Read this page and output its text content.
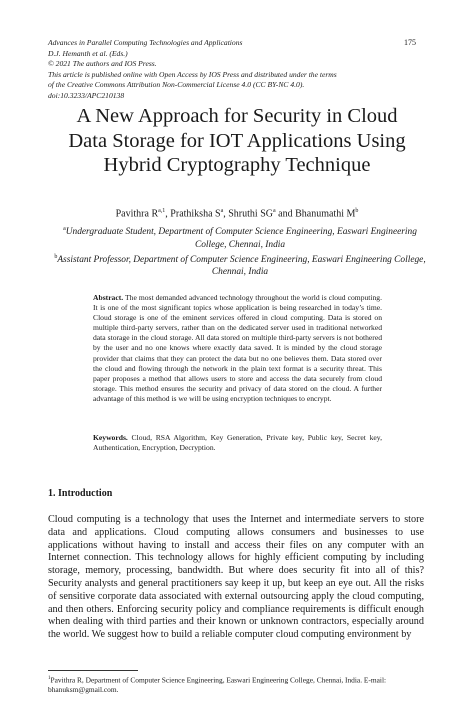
Advances in Parallel Computing Technologies and Applications
D.J. Hemanth et al. (Eds.)
© 2021 The authors and IOS Press.
This article is published online with Open Access by IOS Press and distributed under the terms
of the Creative Commons Attribution Non-Commercial License 4.0 (CC BY-NC 4.0).
doi:10.3233/APC210138
175
A New Approach for Security in Cloud
Data Storage for IOT Applications Using
Hybrid Cryptography Technique
Pavithra R$^{a,1}$, Prathiksha $S^a$, Shruthi $SG^a$ and Bhanumathi $M^b$
$^a$Undergraduate Student, Department of Computer Science Engineering, Easwari Engineering College, Chennai, India
$^b$Assistant Professor, Department of Computer Science Engineering, Easwari Engineering College, Chennai, India
Abstract. The most demanded advanced technology throughout the world is cloud computing. It is one of the most significant topics whose application is being researched in today’s time. Cloud storage is one of the eminent services offered in cloud computing. Data is stored on multiple third-party servers, rather than on the dedicated server used in traditional networked data storage in the cloud storage. All data stored on multiple third-party servers is not bothered by the user and no one knows where exactly data saved. It is minded by the cloud storage provider that claims that they can protect the data but no one believes them. Data stored over the cloud and flowing through the network in the plain text format is a security threat. This paper proposes a method that allows users to store and access the data securely from cloud storage. This method ensures the security and privacy of data stored on the cloud. A further advantage of this method is we will be using encryption techniques to encrypt.
Keywords. Cloud, RSA Algorithm, Key Generation, Private key, Public key, Secret key, Authentication, Encryption, Decryption.
1. Introduction
Cloud computing is a technology that uses the Internet and intermediate servers to store data and applications. Cloud computing allows consumers and businesses to use applications without having to install and access their files on any computer with an Internet connection. This technology allows for highly efficient computing by including storage, memory, processing, bandwidth. But where does security fit into all of this? Security analysts and general practitioners say keep it up, but keep an eye out. All the risks of sensitive corporate data associated with external outsourcing apply the cloud computing, and then others. Enforcing security policy and compliance requirements is difficult enough when dealing with third parties and their known or unknown contractors, especially around the world. We suggest how to build a reliable computer cloud computing environment by
$^1$Pavithra R, Department of Computer Science Engineering, Easwari Engineering College, Chennai, India. E-mail: bhanuksm@gmail.com.
